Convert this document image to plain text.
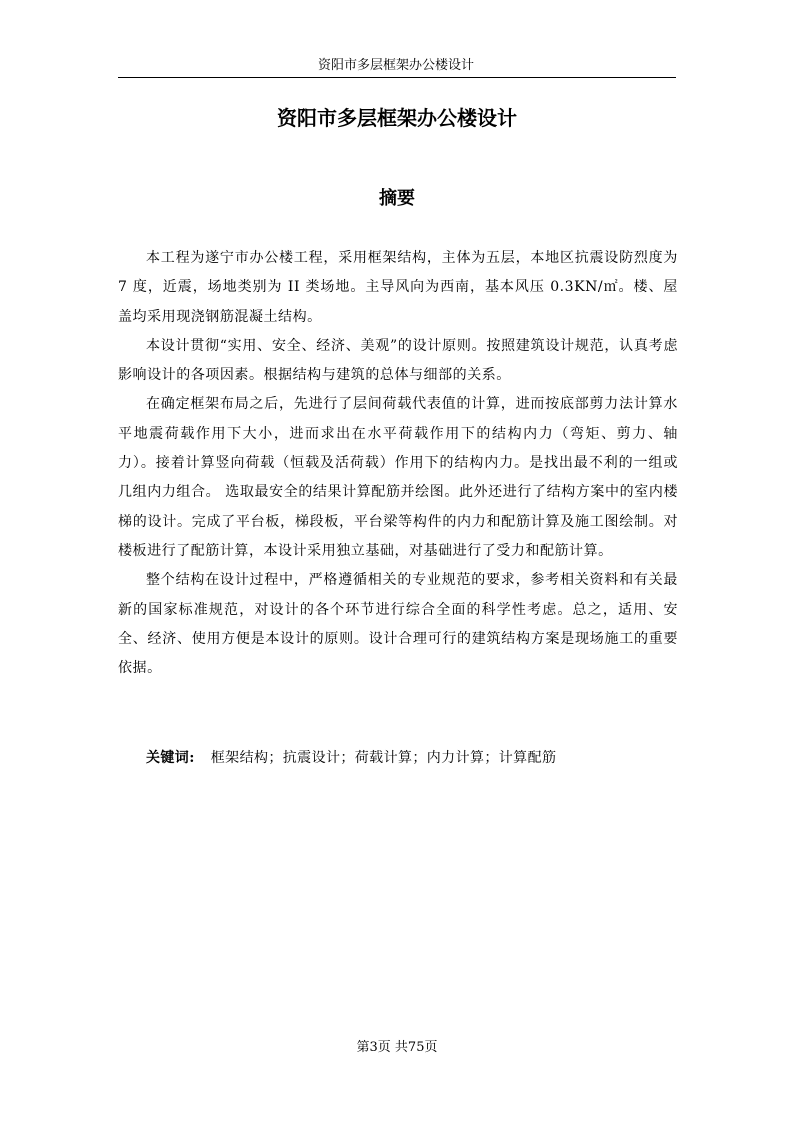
资阳市多层框架办公楼设计
资阳市多层框架办公楼设计
摘要

本工程为遂宁市办公楼工程，采用框架结构，主体为五层，本地区抗震设防烈度为 7 度，近震，场地类别为 II 类场地。主导风向为西南，基本风压 0.3KN/㎡。楼、屋盖均采用现浇钢筋混凝土结构。

本设计贯彻“实用、安全、经济、美观”的设计原则。按照建筑设计规范，认真考虑影响设计的各项因素。根据结构与建筑的总体与细部的关系。

在确定框架布局之后，先进行了层间荷载代表值的计算，进而按底部剪力法计算水平地震荷载作用下大小，进而求出在水平荷载作用下的结构内力（弯矩、剪力、轴力）。接着计算竖向荷载（恒载及活荷载）作用下的结构内力。是找出最不利的一组或几组内力组合。 选取最安全的结果计算配筋并绘图。此外还进行了结构方案中的室内楼梯的设计。完成了平台板，梯段板，平台梁等构件的内力和配筋计算及施工图绘制。对楼板进行了配筋计算，本设计采用独立基础，对基础进行了受力和配筋计算。

整个结构在设计过程中，严格遵循相关的专业规范的要求，参考相关资料和有关最新的国家标准规范，对设计的各个环节进行综合全面的科学性考虑。总之，适用、安全、经济、使用方便是本设计的原则。设计合理可行的建筑结构方案是现场施工的重要依据。

关键词: 框架结构；抗震设计；荷载计算；内力计算；计算配筋
第3页 共75页
